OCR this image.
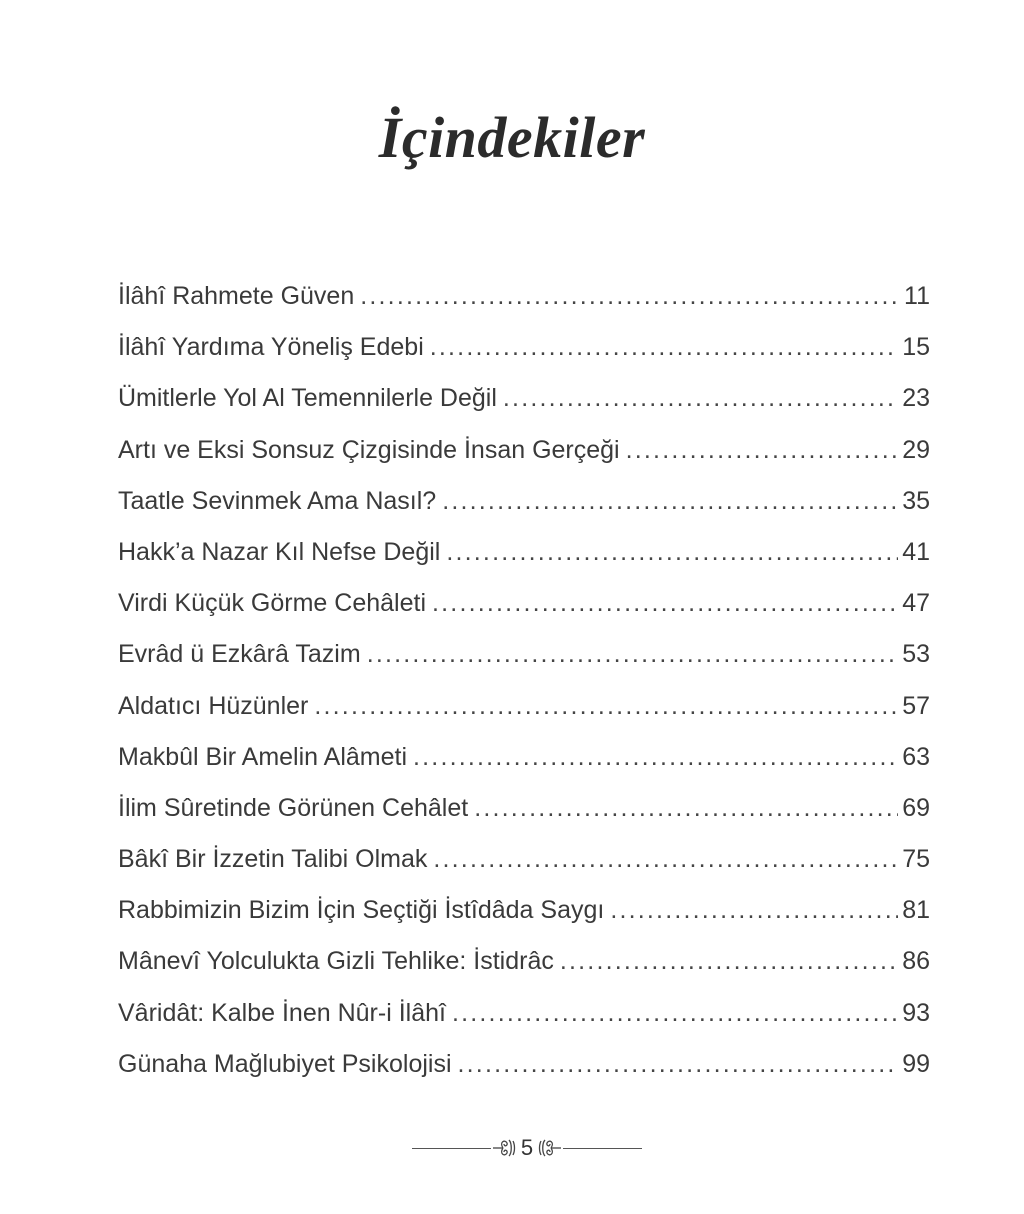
İçindekiler
İlâhî Rahmete Güven .....	11
İlâhî Yardıma Yöneliş Edebi .....	15
Ümitlerle Yol Al Temennilerle Değil .....	23
Artı ve Eksi Sonsuz Çizgisinde İnsan Gerçeği .....	29
Taatle Sevinmek Ama Nasıl? .....	35
Hakk’a Nazar Kıl Nefse Değil .....	41
Virdi Küçük Görme Cehâleti .....	47
Evrâd ü Ezkârâ Tazim .....	53
Aldatıcı Hüzünler .....	57
Makbûl Bir Amelin Alâmeti .....	63
İlim Sûretinde Görünen Cehâlet .....	69
Bâkî Bir İzzetin Talibi Olmak .....	75
Rabbimizin Bizim İçin Seçtiği İstîdâda Saygı .....	81
Mânevî Yolculukta Gizli Tehlike: İstidrâc .....	86
Vâridât: Kalbe İnen Nûr-i İlâhî .....	93
Günaha Mağlubiyet Psikolojisi .....	99
5
